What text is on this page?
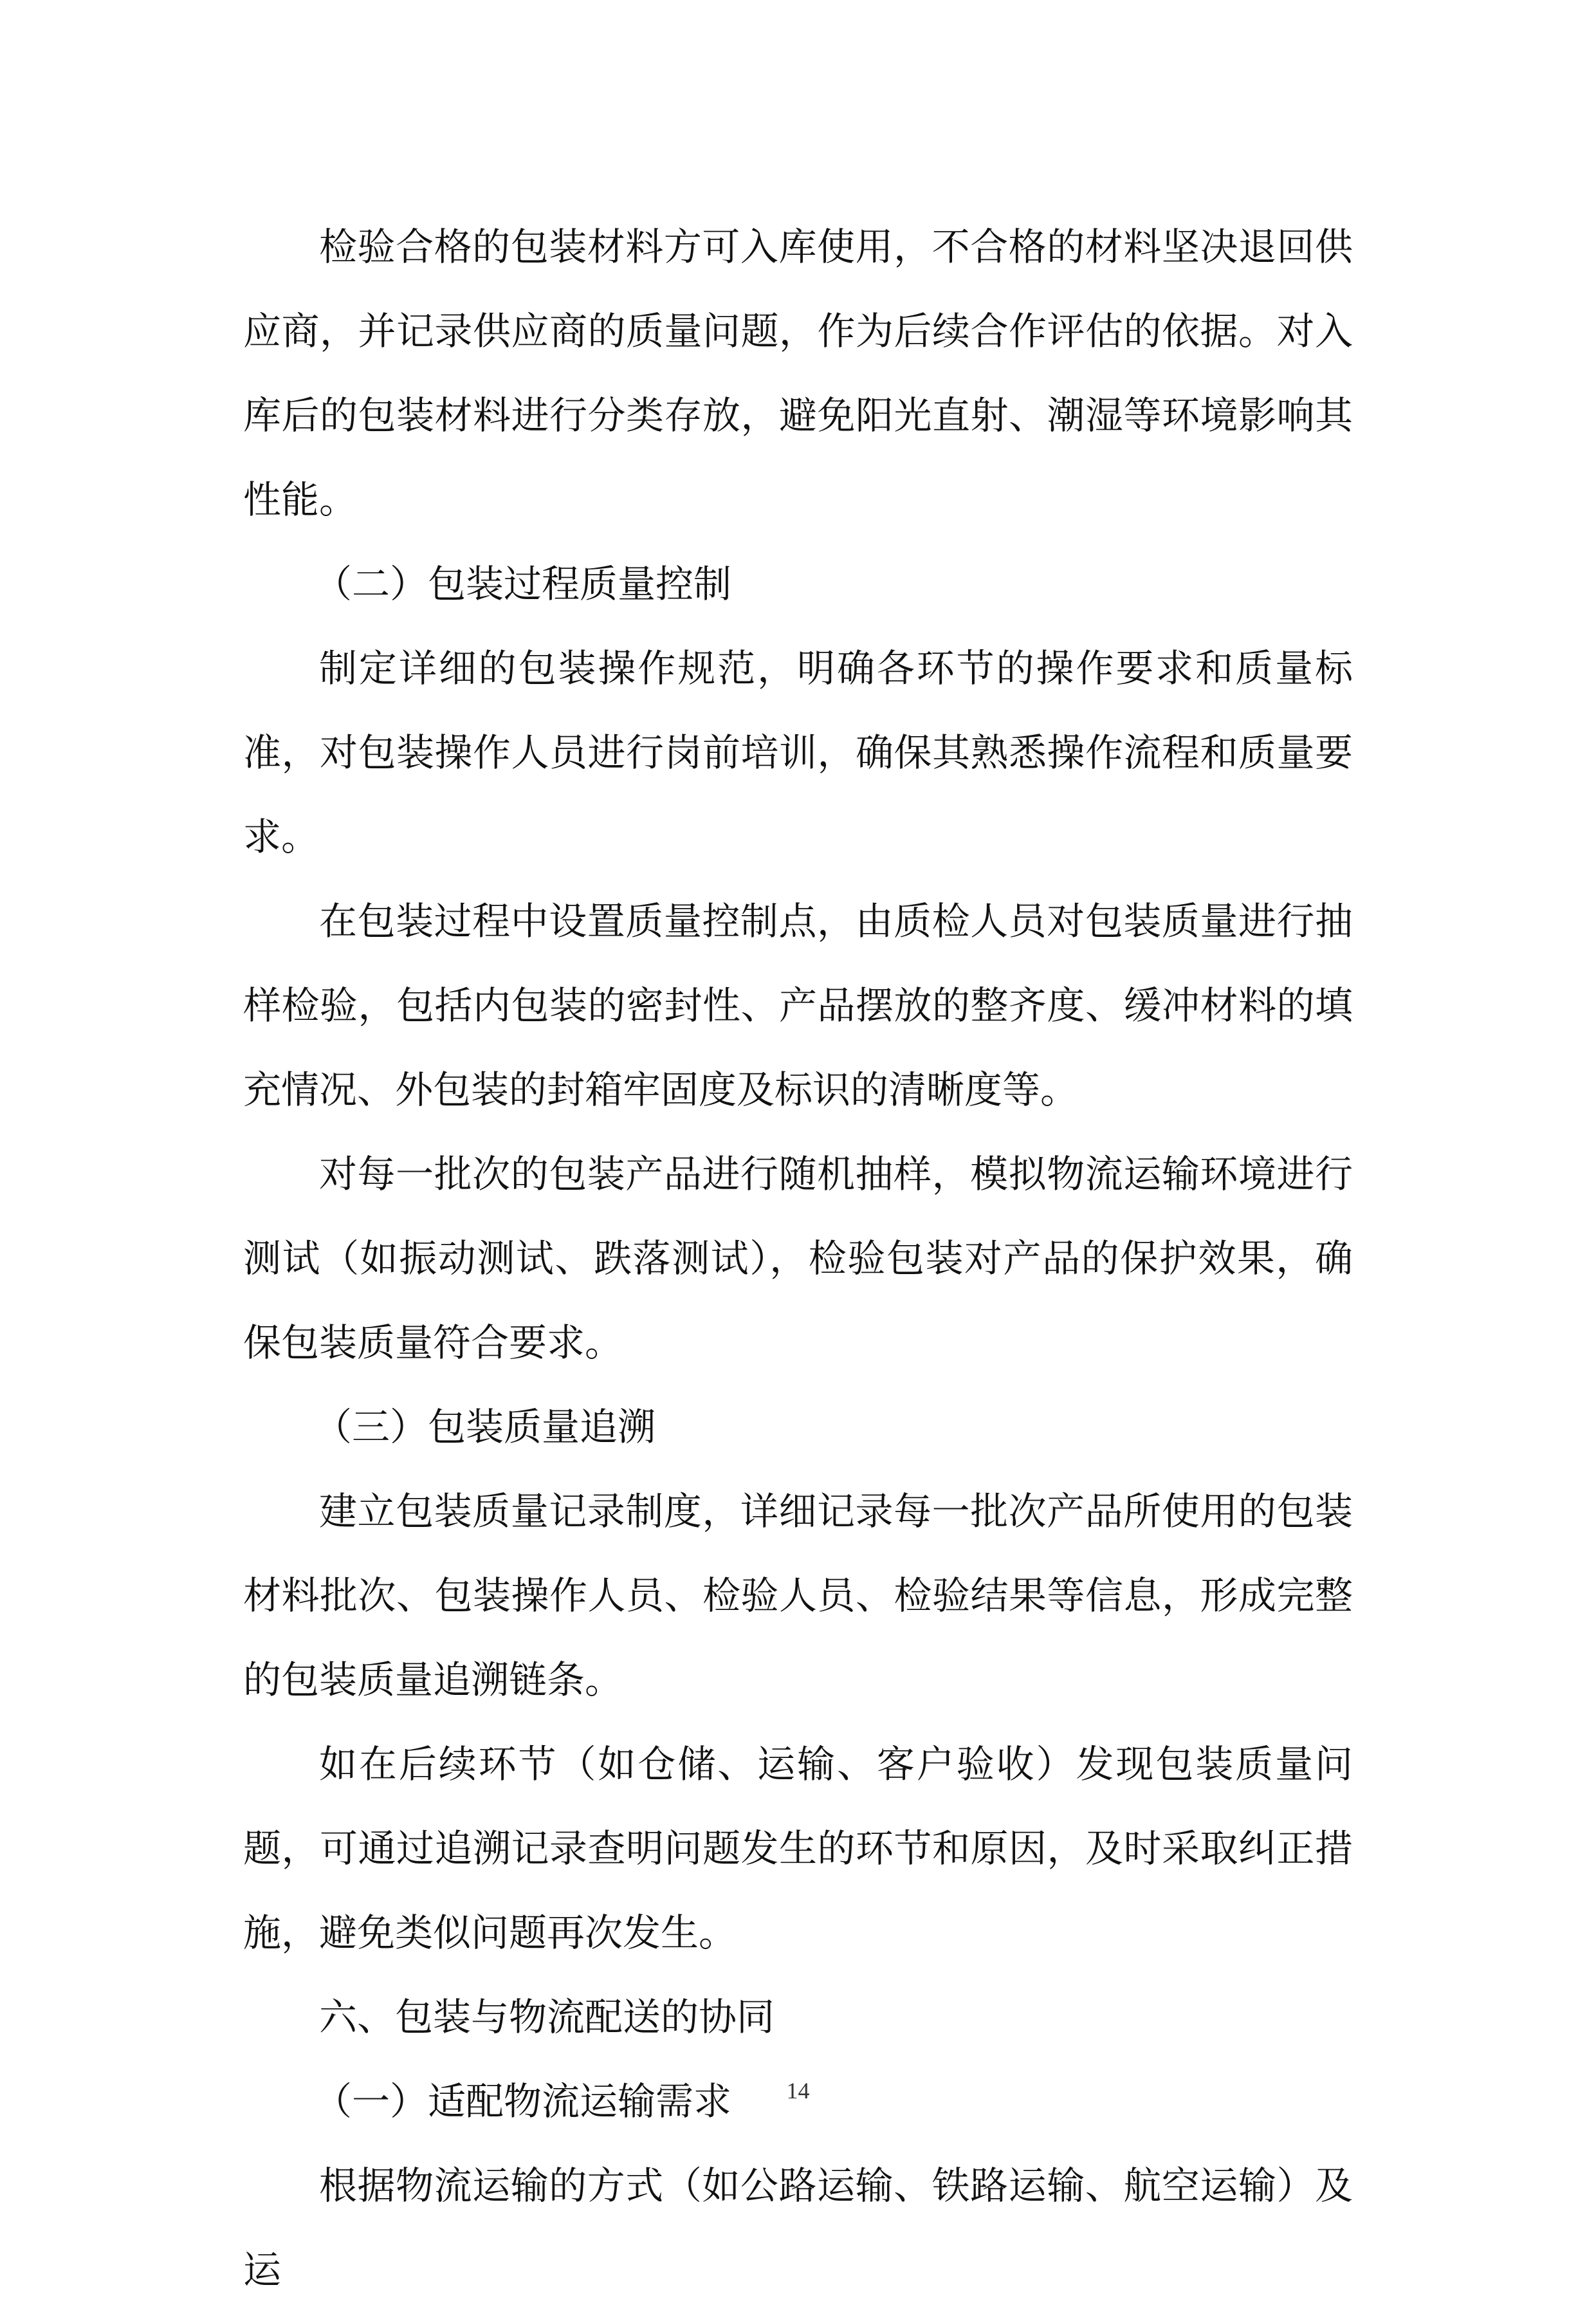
检验合格的包装材料方可入库使用，不合格的材料坚决退回供应商，并记录供应商的质量问题，作为后续合作评估的依据。对入库后的包装材料进行分类存放，避免阳光直射、潮湿等环境影响其性能。

（二）包装过程质量控制

制定详细的包装操作规范，明确各环节的操作要求和质量标准，对包装操作人员进行岗前培训，确保其熟悉操作流程和质量要求。

在包装过程中设置质量控制点，由质检人员对包装质量进行抽样检验，包括内包装的密封性、产品摆放的整齐度、缓冲材料的填充情况、外包装的封箱牢固度及标识的清晰度等。

对每一批次的包装产品进行随机抽样，模拟物流运输环境进行测试（如振动测试、跌落测试），检验包装对产品的保护效果，确保包装质量符合要求。

（三）包装质量追溯

建立包装质量记录制度，详细记录每一批次产品所使用的包装材料批次、包装操作人员、检验人员、检验结果等信息，形成完整的包装质量追溯链条。

如在后续环节（如仓储、运输、客户验收）发现包装质量问题，可通过追溯记录查明问题发生的环节和原因，及时采取纠正措施，避免类似问题再次发生。

六、包装与物流配送的协同

（一）适配物流运输需求

根据物流运输的方式（如公路运输、铁路运输、航空运输）及运

14
